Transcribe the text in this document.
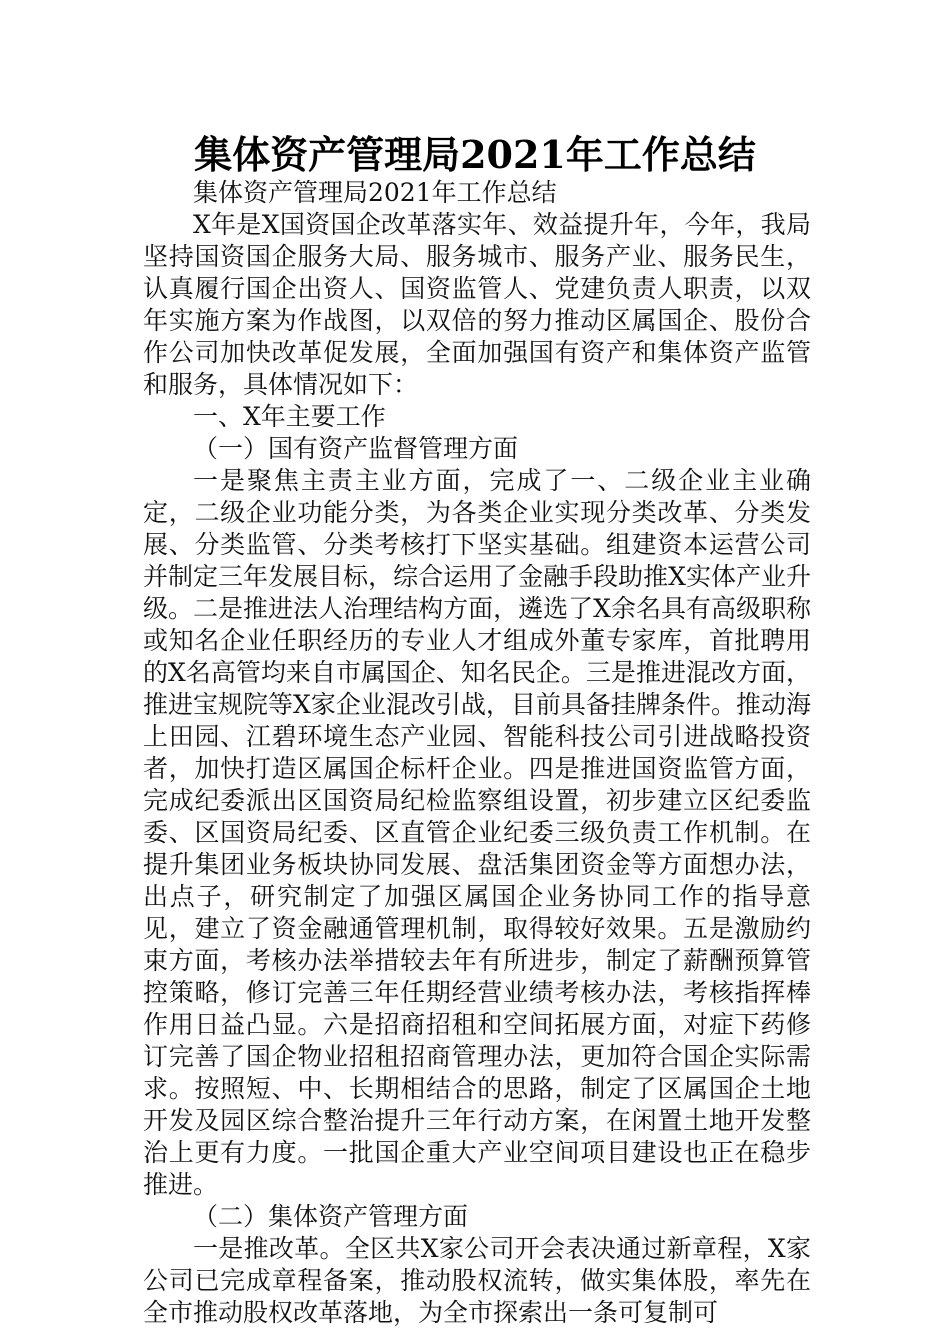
集体资产管理局2021年工作总结

集体资产管理局2021年工作总结

X年是X国资国企改革落实年、效益提升年，今年，我局坚持国资国企服务大局、服务城市、服务产业、服务民生，认真履行国企出资人、国资监管人、党建负责人职责，以双年实施方案为作战图，以双倍的努力推动区属国企、股份合作公司加快改革促发展，全面加强国有资产和集体资产监管和服务，具体情况如下：

一、X年主要工作

（一）国有资产监督管理方面

一是聚焦主责主业方面，完成了一、二级企业主业确定，二级企业功能分类，为各类企业实现分类改革、分类发展、分类监管、分类考核打下坚实基础。组建资本运营公司并制定三年发展目标，综合运用了金融手段助推X实体产业升级。二是推进法人治理结构方面，遴选了X余名具有高级职称或知名企业任职经历的专业人才组成外董专家库，首批聘用的X名高管均来自市属国企、知名民企。三是推进混改方面，推进宝规院等X家企业混改引战，目前具备挂牌条件。推动海上田园、江碧环境生态产业园、智能科技公司引进战略投资者，加快打造区属国企标杆企业。四是推进国资监管方面，完成纪委派出区国资局纪检监察组设置，初步建立区纪委监委、区国资局纪委、区直管企业纪委三级负责工作机制。在提升集团业务板块协同发展、盘活集团资金等方面想办法，出点子，研究制定了加强区属国企业务协同工作的指导意见，建立了资金融通管理机制，取得较好效果。五是激励约束方面，考核办法举措较去年有所进步，制定了薪酬预算管控策略，修订完善三年任期经营业绩考核办法，考核指挥棒作用日益凸显。六是招商招租和空间拓展方面，对症下药修订完善了国企物业招租招商管理办法，更加符合国企实际需求。按照短、中、长期相结合的思路，制定了区属国企土地开发及园区综合整治提升三年行动方案，在闲置土地开发整治上更有力度。一批国企重大产业空间项目建设也正在稳步推进。

（二）集体资产管理方面

一是推改革。全区共X家公司开会表决通过新章程，X家公司已完成章程备案，推动股权流转，做实集体股，率先在全市推动股权改革落地，为全市探索出一条可复制可
